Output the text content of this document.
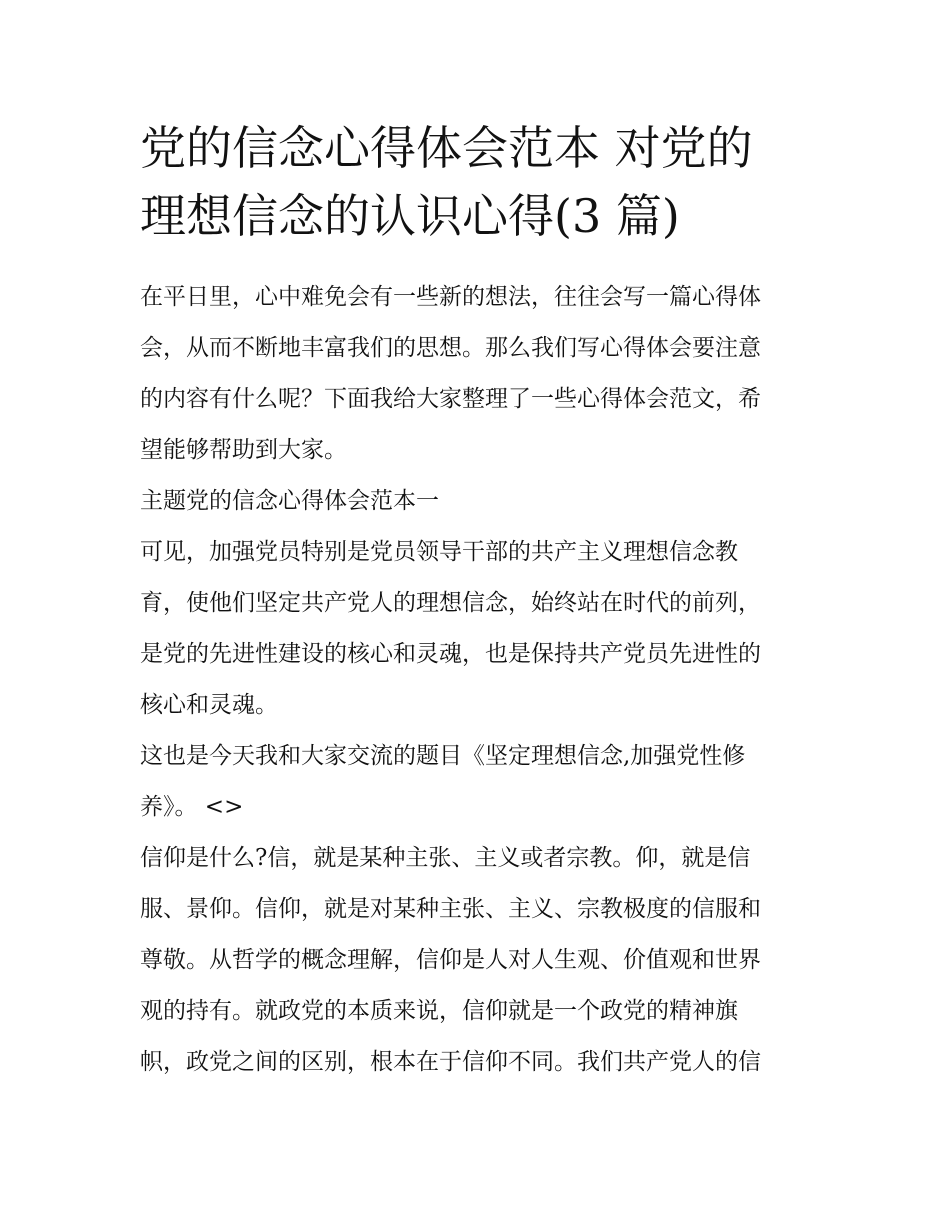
党的信念心得体会范本 对党的
理想信念的认识心得(3 篇)
在平日里，心中难免会有一些新的想法，往往会写一篇心得体
会，从而不断地丰富我们的思想。那么我们写心得体会要注意
的内容有什么呢？下面我给大家整理了一些心得体会范文，希
望能够帮助到大家。
主题党的信念心得体会范本一
可见，加强党员特别是党员领导干部的共产主义理想信念教
育，使他们坚定共产党人的理想信念，始终站在时代的前列，
是党的先进性建设的核心和灵魂，也是保持共产党员先进性的
核心和灵魂。
这也是今天我和大家交流的题目《坚定理想信念,加强党性修
养》。 <>
信仰是什么?信，就是某种主张、主义或者宗教。仰，就是信
服、景仰。信仰，就是对某种主张、主义、宗教极度的信服和
尊敬。从哲学的概念理解，信仰是人对人生观、价值观和世界
观的持有。就政党的本质来说，信仰就是一个政党的精神旗
帜，政党之间的区别，根本在于信仰不同。我们共产党人的信
